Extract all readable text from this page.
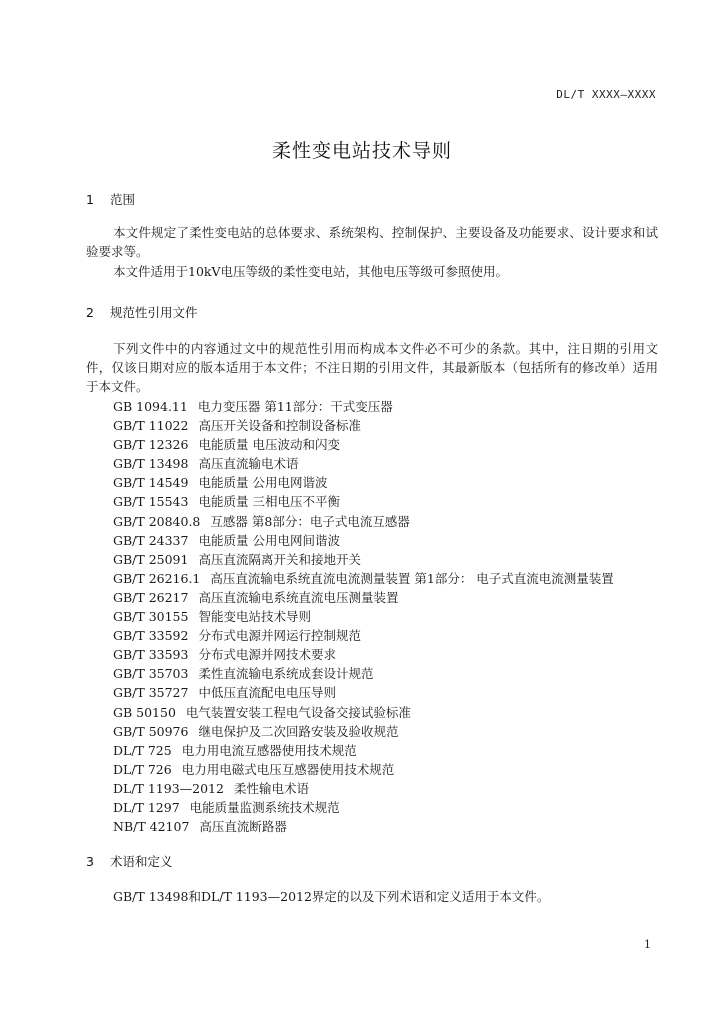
DL/T XXXX—XXXX
柔性变电站技术导则
1 范围

本文件规定了柔性变电站的总体要求、系统架构、控制保护、主要设备及功能要求、设计要求和试验要求等。

本文件适用于10kV电压等级的柔性变电站，其他电压等级可参照使用。

2 规范性引用文件

下列文件中的内容通过文中的规范性引用而构成本文件必不可少的条款。其中，注日期的引用文件，仅该日期对应的版本适用于本文件；不注日期的引用文件，其最新版本（包括所有的修改单）适用于本文件。

GB 1094.11 电力变压器 第11部分：干式变压器
GB/T 11022 高压开关设备和控制设备标准
GB/T 12326 电能质量 电压波动和闪变
GB/T 13498 高压直流输电术语
GB/T 14549 电能质量 公用电网谐波
GB/T 15543 电能质量 三相电压不平衡
GB/T 20840.8 互感器 第8部分：电子式电流互感器
GB/T 24337 电能质量 公用电网间谐波
GB/T 25091 高压直流隔离开关和接地开关
GB/T 26216.1 高压直流输电系统直流电流测量装置 第1部分： 电子式直流电流测量装置
GB/T 26217 高压直流输电系统直流电压测量装置
GB/T 30155 智能变电站技术导则
GB/T 33592 分布式电源并网运行控制规范
GB/T 33593 分布式电源并网技术要求
GB/T 35703 柔性直流输电系统成套设计规范
GB/T 35727 中低压直流配电电压导则
GB 50150 电气装置安装工程电气设备交接试验标准
GB/T 50976 继电保护及二次回路安装及验收规范
DL/T 725 电力用电流互感器使用技术规范
DL/T 726 电力用电磁式电压互感器使用技术规范
DL/T 1193—2012 柔性输电术语
DL/T 1297 电能质量监测系统技术规范
NB/T 42107 高压直流断路器
3 术语和定义

GB/T 13498和DL/T 1193—2012界定的以及下列术语和定义适用于本文件。

1
